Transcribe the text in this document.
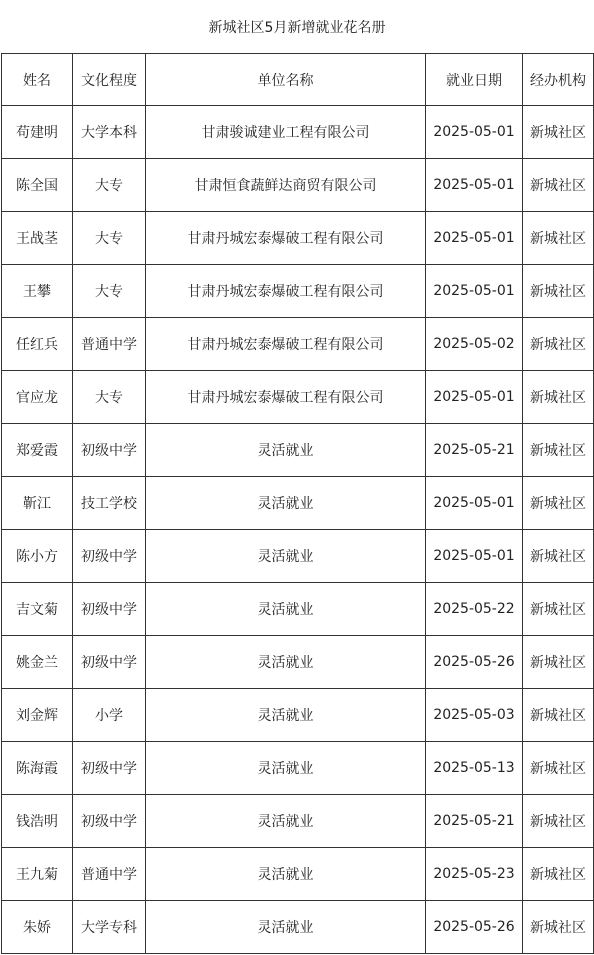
新城社区5月新增就业花名册
姓名	文化程度	单位名称	就业日期	经办机构
苟建明	大学本科	甘肃骏诚建业工程有限公司	2025-05-01	新城社区
陈全国	大专	甘肃恒食蔬鲜达商贸有限公司	2025-05-01	新城社区
王战茎	大专	甘肃丹城宏泰爆破工程有限公司	2025-05-01	新城社区
王攀	大专	甘肃丹城宏泰爆破工程有限公司	2025-05-01	新城社区
任红兵	普通中学	甘肃丹城宏泰爆破工程有限公司	2025-05-02	新城社区
官应龙	大专	甘肃丹城宏泰爆破工程有限公司	2025-05-01	新城社区
郑爱霞	初级中学	灵活就业	2025-05-21	新城社区
靳江	技工学校	灵活就业	2025-05-01	新城社区
陈小方	初级中学	灵活就业	2025-05-01	新城社区
吉文菊	初级中学	灵活就业	2025-05-22	新城社区
姚金兰	初级中学	灵活就业	2025-05-26	新城社区
刘金辉	小学	灵活就业	2025-05-03	新城社区
陈海霞	初级中学	灵活就业	2025-05-13	新城社区
钱浩明	初级中学	灵活就业	2025-05-21	新城社区
王九菊	普通中学	灵活就业	2025-05-23	新城社区
朱娇	大学专科	灵活就业	2025-05-26	新城社区
